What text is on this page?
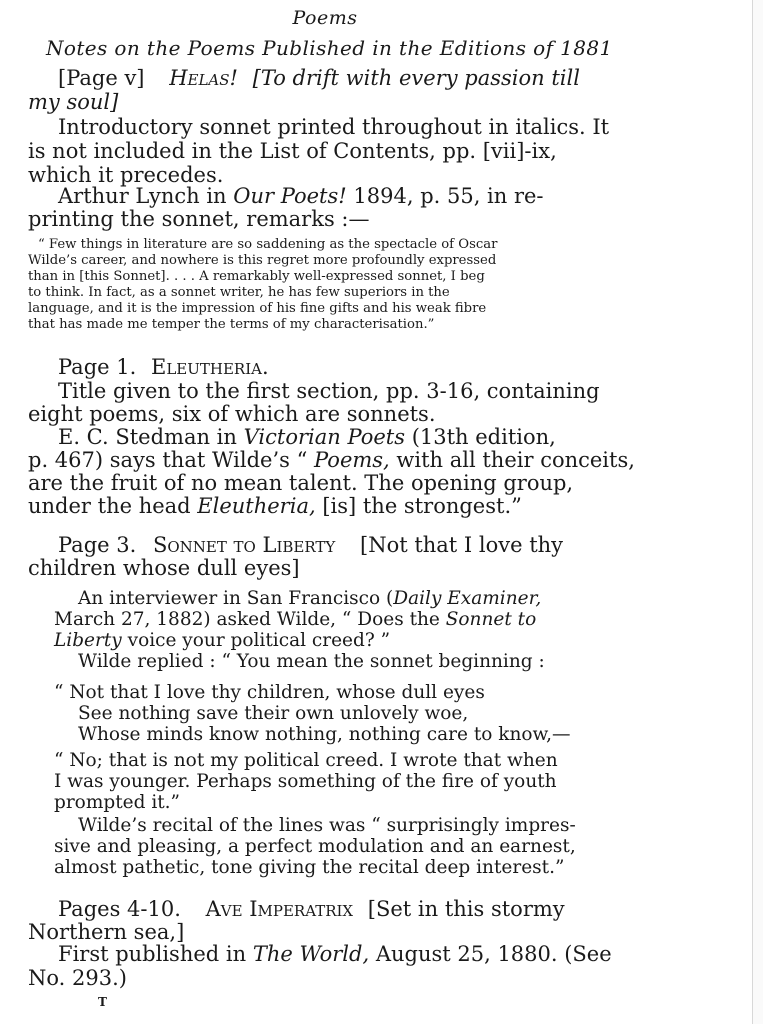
Poems
Notes on the Poems Published in the Editions of 1881
[Page v] Helas! [To drift with every passion till
my soul]
Introductory sonnet printed throughout in italics. It
is not included in the List of Contents, pp. [vii]-ix,
which it precedes.
Arthur Lynch in Our Poets! 1894, p. 55, in re-
printing the sonnet, remarks :—
“ Few things in literature are so saddening as the spectacle of Oscar
Wilde’s career, and nowhere is this regret more profoundly expressed
than in [this Sonnet]. . . . A remarkably well-expressed sonnet, I beg
to think. In fact, as a sonnet writer, he has few superiors in the
language, and it is the impression of his fine gifts and his weak fibre
that has made me temper the terms of my characterisation.”
Page 1. Eleutheria.
Title given to the first section, pp. 3-16, containing
eight poems, six of which are sonnets.
E. C. Stedman in Victorian Poets (13th edition,
p. 467) says that Wilde’s “ Poems, with all their conceits,
are the fruit of no mean talent. The opening group,
under the head Eleutheria, [is] the strongest.”
Page 3. Sonnet to Liberty [Not that I love thy
children whose dull eyes]
An interviewer in San Francisco (Daily Examiner,
March 27, 1882) asked Wilde, “ Does the Sonnet to
Liberty voice your political creed? ”
Wilde replied : “ You mean the sonnet beginning :
“ Not that I love thy children, whose dull eyes
See nothing save their own unlovely woe,
Whose minds know nothing, nothing care to know,—
“ No; that is not my political creed. I wrote that when
I was younger. Perhaps something of the fire of youth
prompted it.”
Wilde’s recital of the lines was “ surprisingly impres-
sive and pleasing, a perfect modulation and an earnest,
almost pathetic, tone giving the recital deep interest.”
Pages 4-10. Ave Imperatrix [Set in this stormy
Northern sea,]
First published in The World, August 25, 1880. (See
No. 293.)
T
